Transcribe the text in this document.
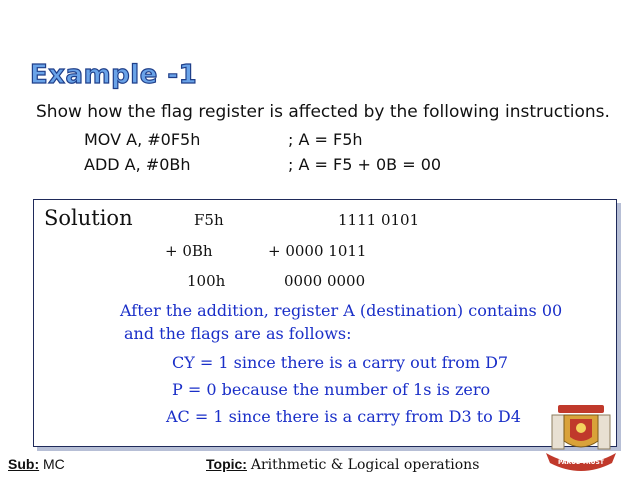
Example -1
Show how the flag register is affected by the following instructions.
MOV A, #0F5h	; A = F5h
ADD A, #0Bh	; A = F5 + 0B = 00
Solution	F5h	1111 0101
+ 0Bh	+ 0000 1011
100h	0000 0000
After the addition, register A (destination) contains 00
and the flags are as follows:
CY = 1 since there is a carry out from D7
P = 0 because the number of 1s is zero
AC = 1 since there is a carry from D3 to D4
PARUL TRUST
Sub: MC	Topic: Arithmetic & Logical operations
